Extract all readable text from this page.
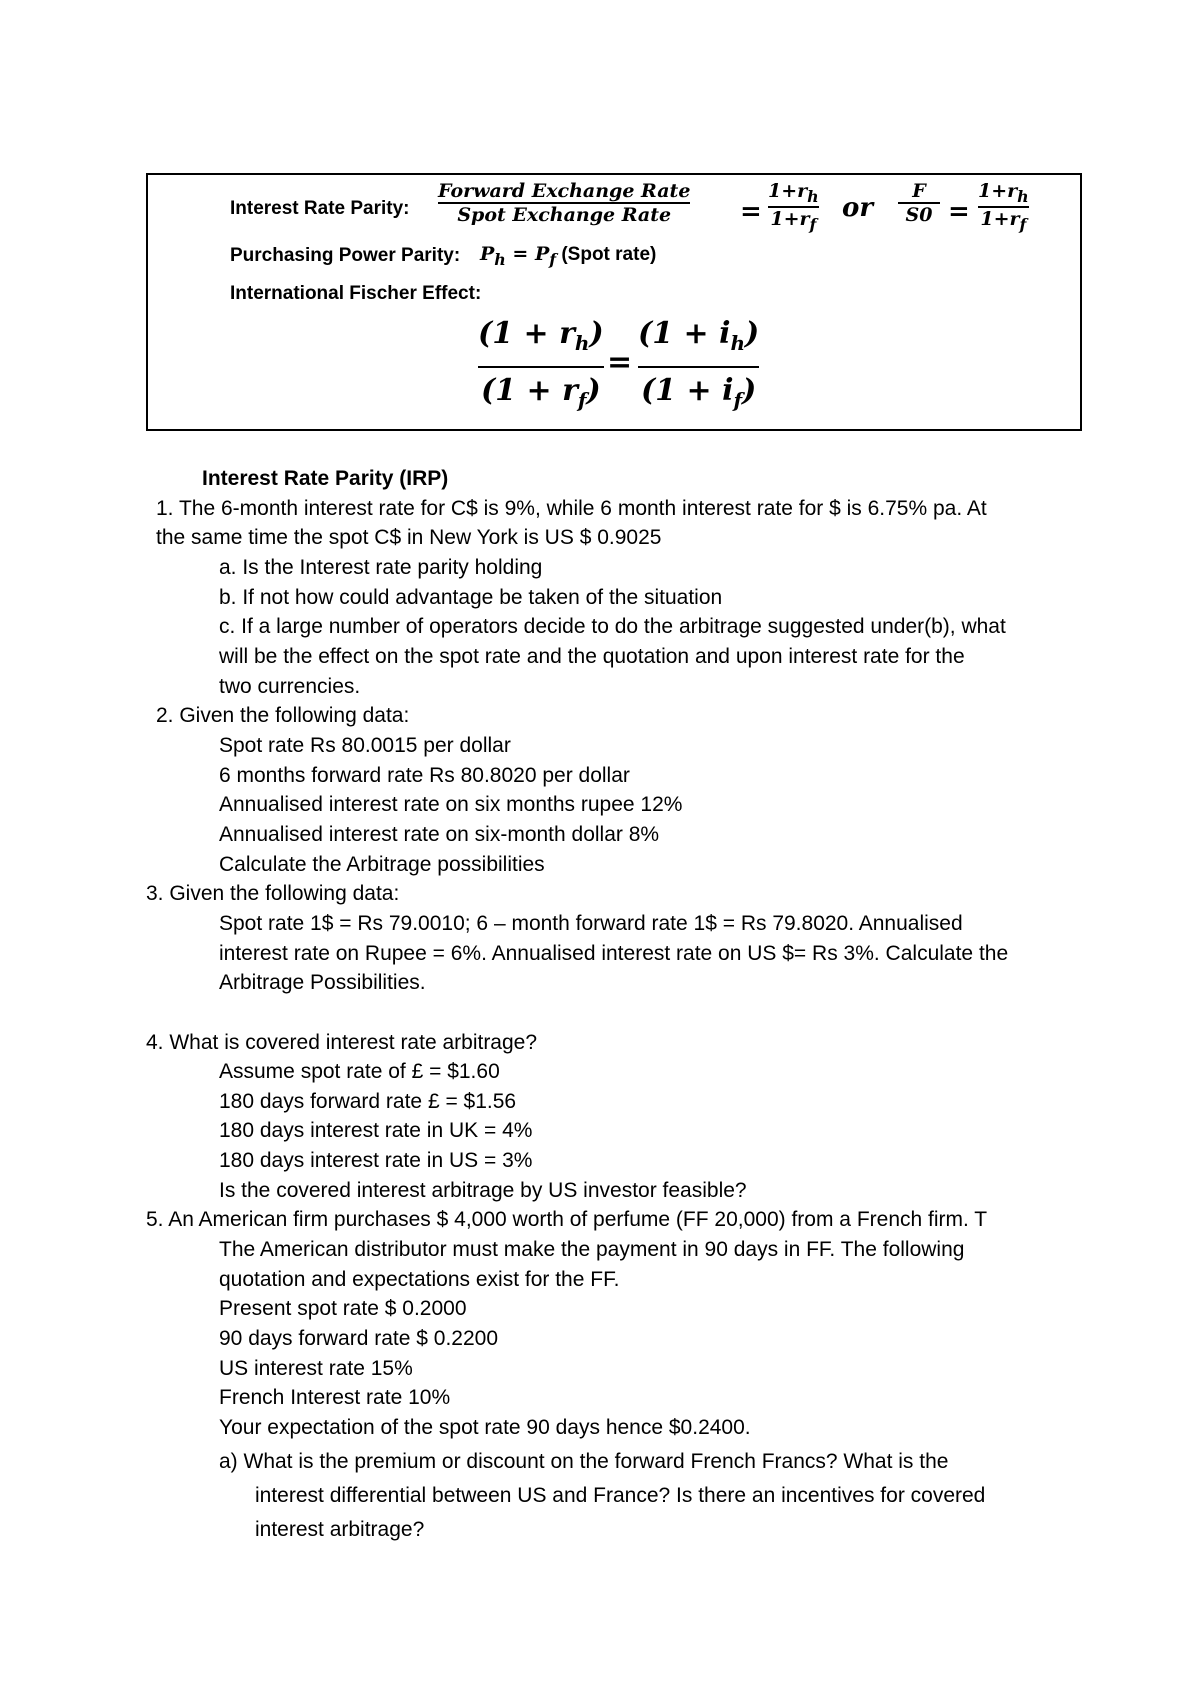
Interest Rate Parity:
Forward Exchange Rate
Spot Exchange Rate	=
$1+r_h$
$1+r_f$
or
F
S0 =
$1+r_h$
$1+r_f$
Purchasing Power Parity: $P_h = P_f$ (Spot rate)
International Fischer Effect:
$(1 + r_h)$
$(1 + r_f)$
=
$(1 + i_h)$
$(1 + i_f)$
Interest Rate Parity (IRP)
1. The 6-month interest rate for C$ is 9%, while 6 month interest rate for $ is 6.75% pa. At
the same time the spot C$ in New York is US $ 0.9025
a. Is the Interest rate parity holding
b. If not how could advantage be taken of the situation
c. If a large number of operators decide to do the arbitrage suggested under(b), what
will be the effect on the spot rate and the quotation and upon interest rate for the
two currencies.
2. Given the following data:
Spot rate Rs 80.0015 per dollar
6 months forward rate Rs 80.8020 per dollar
Annualised interest rate on six months rupee 12%
Annualised interest rate on six-month dollar 8%
Calculate the Arbitrage possibilities
3. Given the following data:
Spot rate 1$ = Rs 79.0010; 6 – month forward rate 1$ = Rs 79.8020. Annualised
interest rate on Rupee = 6%. Annualised interest rate on US $= Rs 3%. Calculate the
Arbitrage Possibilities.
4. What is covered interest rate arbitrage?
Assume spot rate of £ = $1.60
180 days forward rate £ = $1.56
180 days interest rate in UK = 4%
180 days interest rate in US = 3%
Is the covered interest arbitrage by US investor feasible?
5. An American firm purchases $ 4,000 worth of perfume (FF 20,000) from a French firm. T
The American distributor must make the payment in 90 days in FF. The following
quotation and expectations exist for the FF.
Present spot rate $ 0.2000
90 days forward rate $ 0.2200
US interest rate 15%
French Interest rate 10%
Your expectation of the spot rate 90 days hence $0.2400.
a) What is the premium or discount on the forward French Francs? What is the
interest differential between US and France? Is there an incentives for covered
interest arbitrage?
